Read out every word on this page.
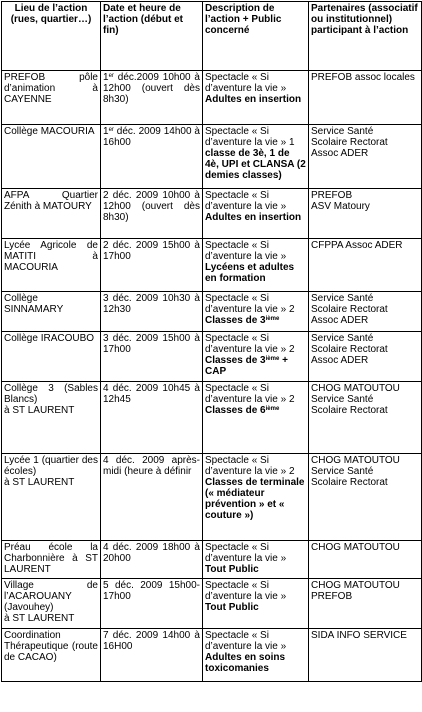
Lieu de l’action (rues, quartier…)	Date et heure de l’action (début et fin)	Description de l’action + Public concerné	Partenaires (associatif ou institutionnel) participant à l’action

PREFOB pôle d’animation à CAYENNE	1er déc.2009 10h00 à 12h00 (ouvert dès 8h30)	Spectacle « Si d’aventure la vie » Adultes en insertion	PREFOB assoc locales

Collège MACOURIA	1er déc. 2009 14h00 à 16h00	Spectacle « Si d’aventure la vie » 1 classe de 3è, 1 de 4è, UPI et CLANSA (2 demies classes)	Service Santé
Scolaire Rectorat
Assoc ADER

AFPA Quartier Zénith à MATOURY	2 déc. 2009 10h00 à 12h00 (ouvert dès 8h30)	Spectacle « Si d’aventure la vie » Adultes en insertion	PREFOB
ASV Matoury

Lycée Agricole de MATITI à MACOURIA	2 déc. 2009 15h00 à 17h00	Spectacle « Si d’aventure la vie » Lycéens et adultes en formation	CFPPA Assoc ADER

Collège SINNAMARY	3 déc. 2009 10h30 à 12h30	Spectacle « Si d’aventure la vie » 2 Classes de 3ième	Service Santé
Scolaire Rectorat
Assoc ADER

Collège IRACOUBO	3 déc. 2009 15h00 à 17h00	Spectacle « Si d’aventure la vie » 2 Classes de 3ième + CAP	Service Santé
Scolaire Rectorat
Assoc ADER

Collège 3 (Sables Blancs)
à ST LAURENT	4 déc. 2009 10h45 à 12h45	Spectacle « Si d’aventure la vie » 2 Classes de 6ième	CHOG MATOUTOU
Service Santé
Scolaire Rectorat

Lycée 1 (quartier des écoles)
à ST LAURENT	4 déc. 2009 après-midi (heure à définir	Spectacle « Si d’aventure la vie » 2 Classes de terminale (« médiateur prévention » et « couture »)	CHOG MATOUTOU
Service Santé
Scolaire Rectorat

Préau école la Charbonnière à ST LAURENT	4 déc. 2009 18h00 à 20h00	Spectacle « Si d’aventure la vie » Tout Public	CHOG MATOUTOU

Village de l’ACAROUANY (Javouhey)
à ST LAURENT	5 déc. 2009 15h00-17h00	Spectacle « Si d’aventure la vie » Tout Public	CHOG MATOUTOU
PREFOB

Coordination Thérapeutique (route de CACAO)	7 déc. 2009 14h00 à 16H00	Spectacle « Si d’aventure la vie » Adultes en soins toxicomanies	SIDA INFO SERVICE
